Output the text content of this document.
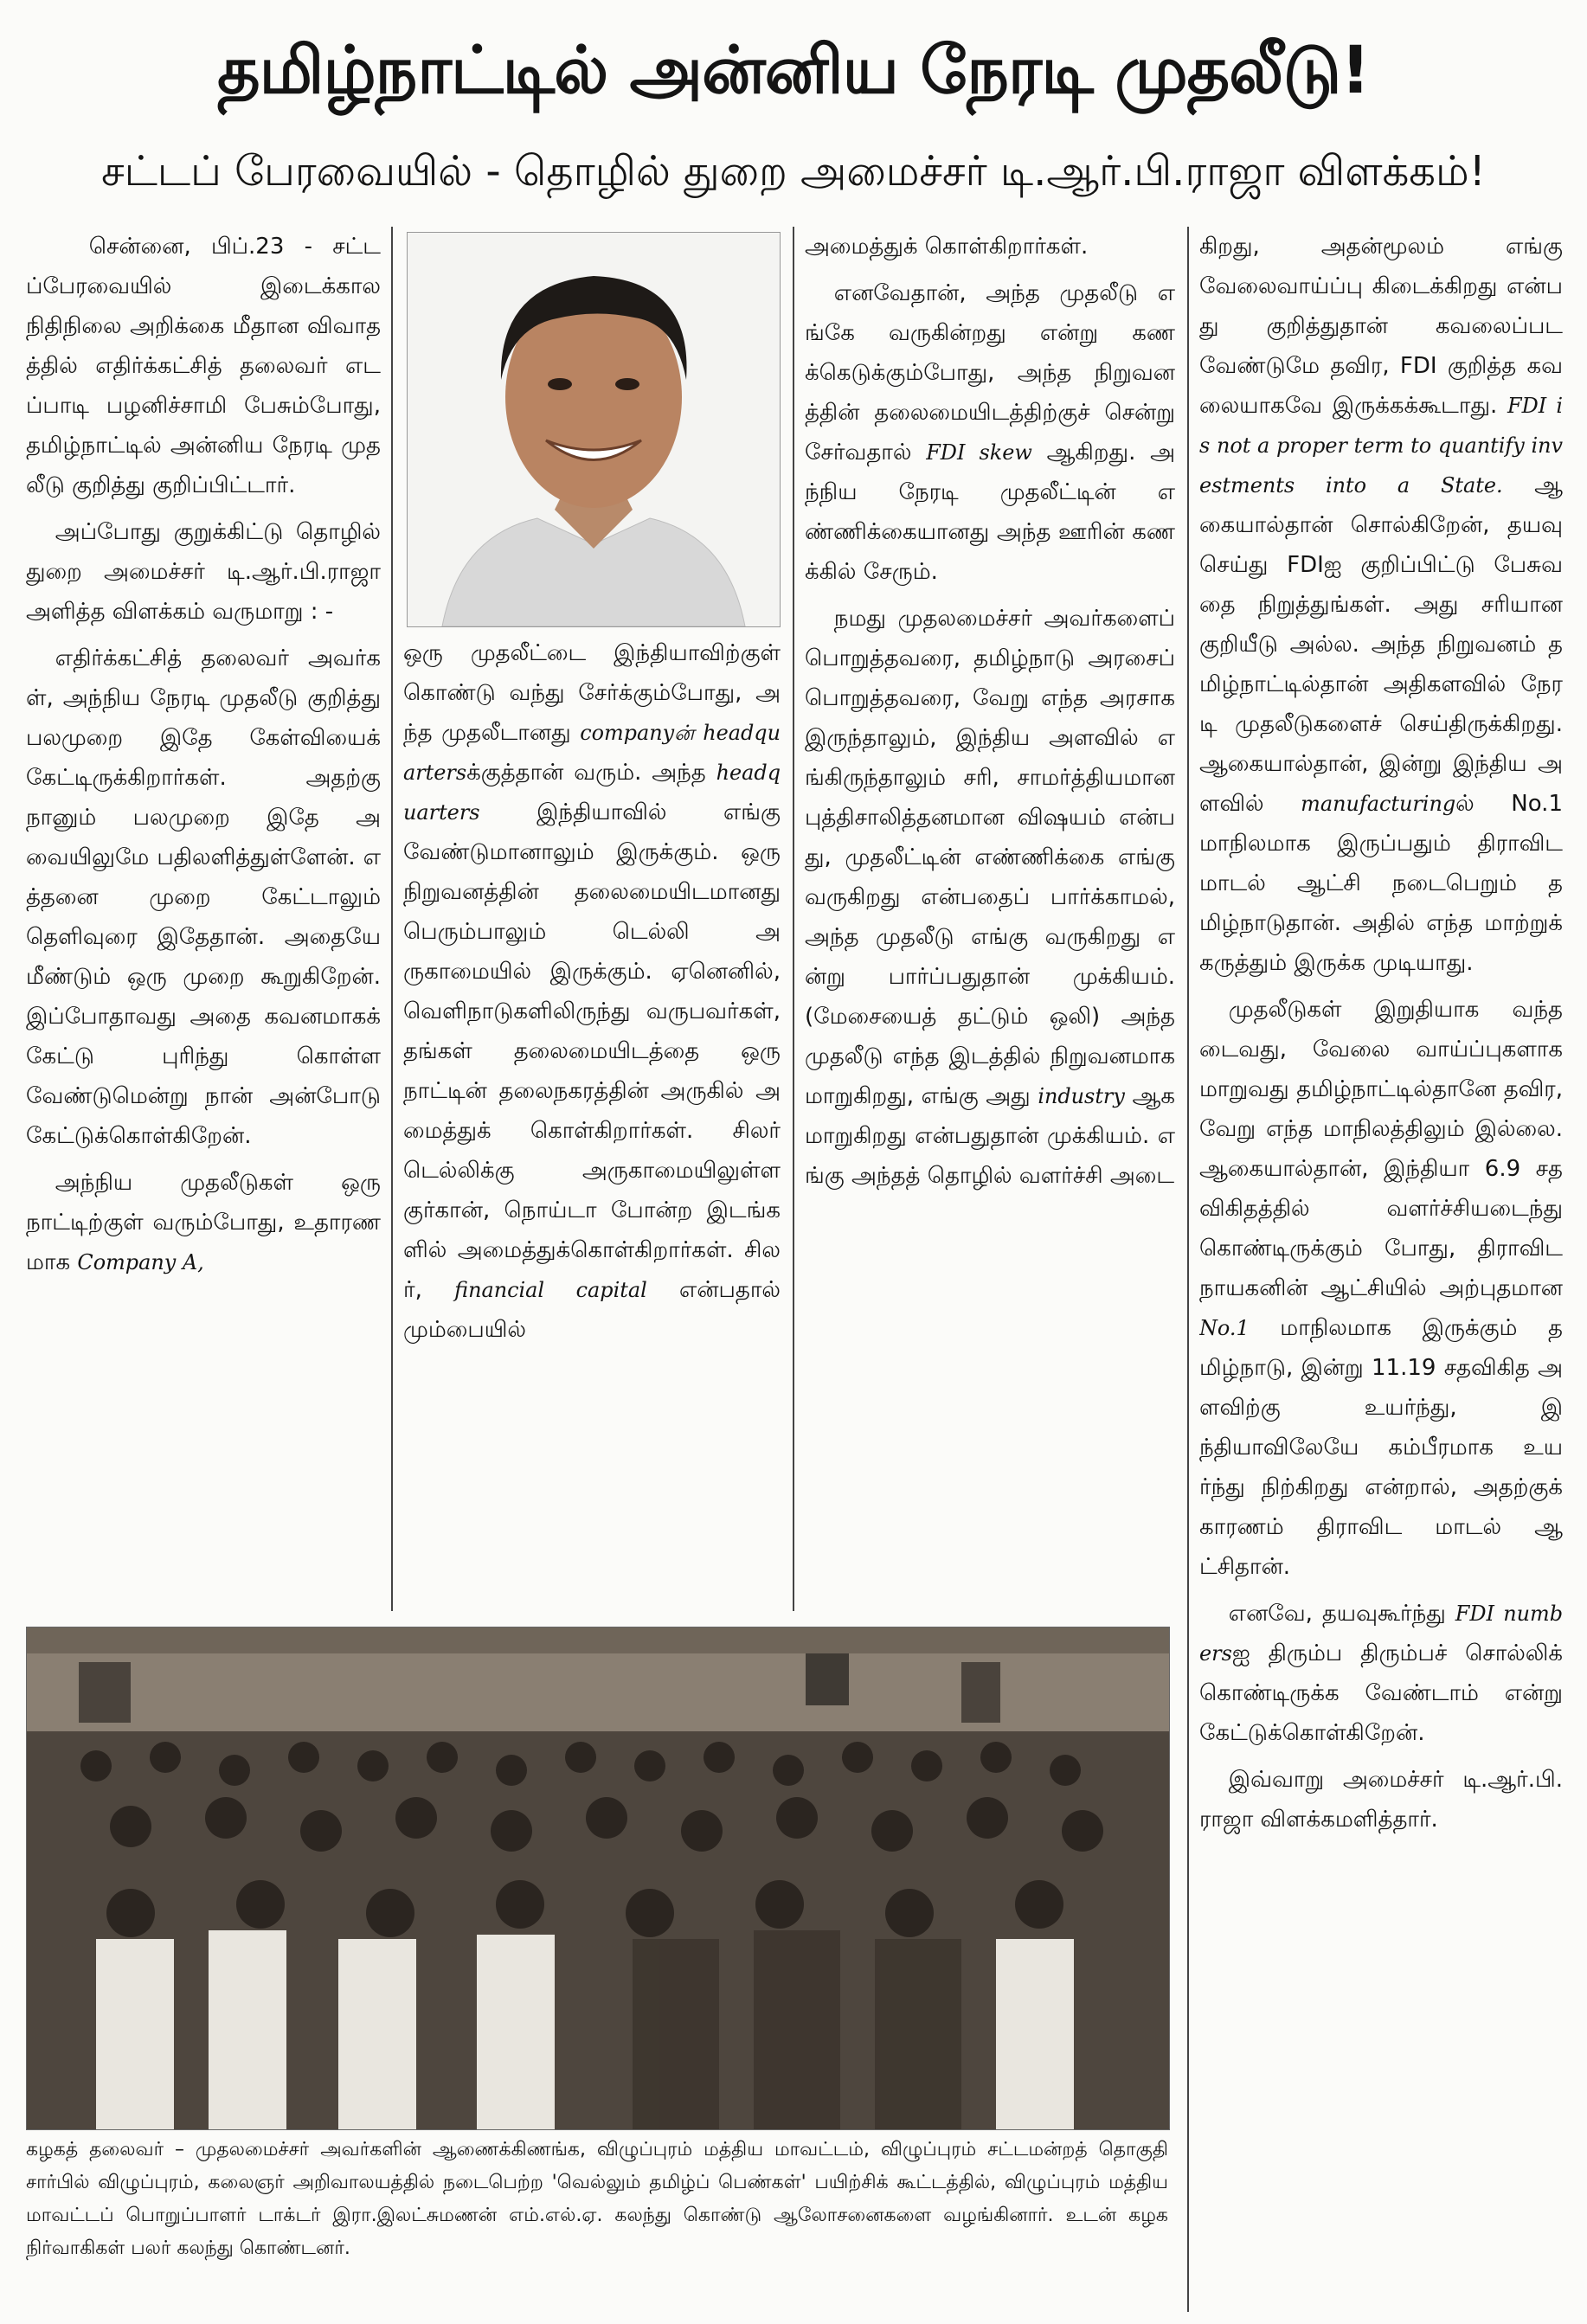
தமிழ்நாட்டில் அன்னிய நேரடி முதலீடு!
சட்டப் பேரவையில் - தொழில் துறை அமைச்சர் டி.ஆர்.பி.ராஜா விளக்கம்!

சென்னை, பிப்.23 - சட்டப்பேரவையில் இடைக்கால நிதிநிலை அறிக்கை மீதான விவாதத்தில் எதிர்க்கட்சித் தலைவர் எடப்பாடி பழனிச்சாமி பேசும்போது, தமிழ்நாட்டில் அன்னிய நேரடி முதலீடு குறித்து குறிப்பிட்டார்.

அப்போது குறுக்கிட்டு தொழில் துறை அமைச்சர் டி.ஆர்.பி.ராஜா அளித்த விளக்கம் வருமாறு : -

எதிர்க்கட்சித் தலைவர் அவர்கள், அந்நிய நேரடி முதலீடு குறித்து பலமுறை இதே கேள்வியைக் கேட்டிருக்கிறார்கள். அதற்கு நானும் பலமுறை இதே அவையிலுமே பதிலளித்துள்ளேன். எத்தனை முறை கேட்டாலும் தெளிவுரை இதேதான். அதையே மீண்டும் ஒரு முறை கூறுகிறேன். இப்போதாவது அதை கவனமாகக் கேட்டு புரிந்து கொள்ள வேண்டுமென்று நான் அன்போடு கேட்டுக்கொள்கிறேன்.

அந்நிய முதலீடுகள் ஒரு நாட்டிற்குள் வரும்போது, உதாரணமாக Company A,

ஒரு முதலீட்டை இந்தியாவிற்குள் கொண்டு வந்து சேர்க்கும்போது, அந்த முதலீடானது companyன் headquartersக்குத்தான் வரும். அந்த headquarters இந்தியாவில் எங்கு வேண்டுமானாலும் இருக்கும். ஒரு நிறுவனத்தின் தலைமையிடமானது பெரும்பாலும் டெல்லி அருகாமையில் இருக்கும். ஏனெனில், வெளிநாடுகளிலிருந்து வருபவர்கள், தங்கள் தலைமையிடத்தை ஒரு நாட்டின் தலைநகரத்தின் அருகில் அமைத்துக் கொள்கிறார்கள். சிலர் டெல்லிக்கு அருகாமையிலுள்ள குர்கான், நொய்டா போன்ற இடங்களில் அமைத்துக்கொள்கிறார்கள். சிலர், financial capital என்பதால் மும்பையில்

அமைத்துக் கொள்கிறார்கள்.

எனவேதான், அந்த முதலீடு எங்கே வருகின்றது என்று கணக்கெடுக்கும்போது, அந்த நிறுவனத்தின் தலைமையிடத்திற்குச் சென்று சேர்வதால் FDI skew ஆகிறது. அந்நிய நேரடி முதலீட்டின் எண்ணிக்கையானது அந்த ஊரின் கணக்கில் சேரும்.

நமது முதலமைச்சர் அவர்களைப் பொறுத்தவரை, தமிழ்நாடு அரசைப் பொறுத்தவரை, வேறு எந்த அரசாக இருந்தாலும், இந்திய அளவில் எங்கிருந்தாலும் சரி, சாமர்த்தியமான புத்திசாலித்தனமான விஷயம் என்பது, முதலீட்டின் எண்ணிக்கை எங்கு வருகிறது என்பதைப் பார்க்காமல், அந்த முதலீடு எங்கு வருகிறது என்று பார்ப்பதுதான் முக்கியம். (மேசையைத் தட்டும் ஒலி) அந்த முதலீடு எந்த இடத்தில் நிறுவனமாக மாறுகிறது, எங்கு அது industry ஆக மாறுகிறது என்பதுதான் முக்கியம். எங்கு அந்தத் தொழில் வளர்ச்சி அடை

கிறது, அதன்மூலம் எங்கு வேலைவாய்ப்பு கிடைக்கிறது என்பது குறித்துதான் கவலைப்பட வேண்டுமே தவிர, FDI குறித்த கவலையாகவே இருக்கக்கூடாது. FDI is not a proper term to quantify investments into a State. ஆகையால்தான் சொல்கிறேன், தயவு செய்து FDIஐ குறிப்பிட்டு பேசுவதை நிறுத்துங்கள். அது சரியான குறியீடு அல்ல. அந்த நிறுவனம் தமிழ்நாட்டில்தான் அதிகளவில் நேரடி முதலீடுகளைச் செய்திருக்கிறது. ஆகையால்தான், இன்று இந்திய அளவில் manufacturingல் No.1 மாநிலமாக இருப்பதும் திராவிட மாடல் ஆட்சி நடைபெறும் தமிழ்நாடுதான். அதில் எந்த மாற்றுக் கருத்தும் இருக்க முடியாது.

முதலீடுகள் இறுதியாக வந்தடைவது, வேலை வாய்ப்புகளாக மாறுவது தமிழ்நாட்டில்தானே தவிர, வேறு எந்த மாநிலத்திலும் இல்லை. ஆகையால்தான், இந்தியா 6.9 சதவிகிதத்தில் வளர்ச்சியடைந்து கொண்டிருக்கும் போது, திராவிட நாயகனின் ஆட்சியில் அற்புதமான No.1 மாநிலமாக இருக்கும் தமிழ்நாடு, இன்று 11.19 சதவிகித அளவிற்கு உயர்ந்து, இந்தியாவிலேயே கம்பீரமாக உயர்ந்து நிற்கிறது என்றால், அதற்குக் காரணம் திராவிட மாடல் ஆட்சிதான்.

எனவே, தயவுகூர்ந்து FDI numbersஐ திரும்ப திரும்பச் சொல்லிக் கொண்டிருக்க வேண்டாம் என்று கேட்டுக்கொள்கிறேன்.

இவ்வாறு அமைச்சர் டி.ஆர்.பி.ராஜா விளக்கமளித்தார்.

கழகத் தலைவர் – முதலமைச்சர் அவர்களின் ஆணைக்கிணங்க, விழுப்புரம் மத்திய மாவட்டம், விழுப்புரம் சட்டமன்றத் தொகுதி சார்பில் விழுப்புரம், கலைஞர் அறிவாலயத்தில் நடைபெற்ற 'வெல்லும் தமிழ்ப் பெண்கள்' பயிற்சிக் கூட்டத்தில், விழுப்புரம் மத்திய மாவட்டப் பொறுப்பாளர் டாக்டர் இரா.இலட்சுமணன் எம்.எல்.ஏ. கலந்து கொண்டு ஆலோசனைகளை வழங்கினார். உடன் கழக நிர்வாகிகள் பலர் கலந்து கொண்டனர்.
